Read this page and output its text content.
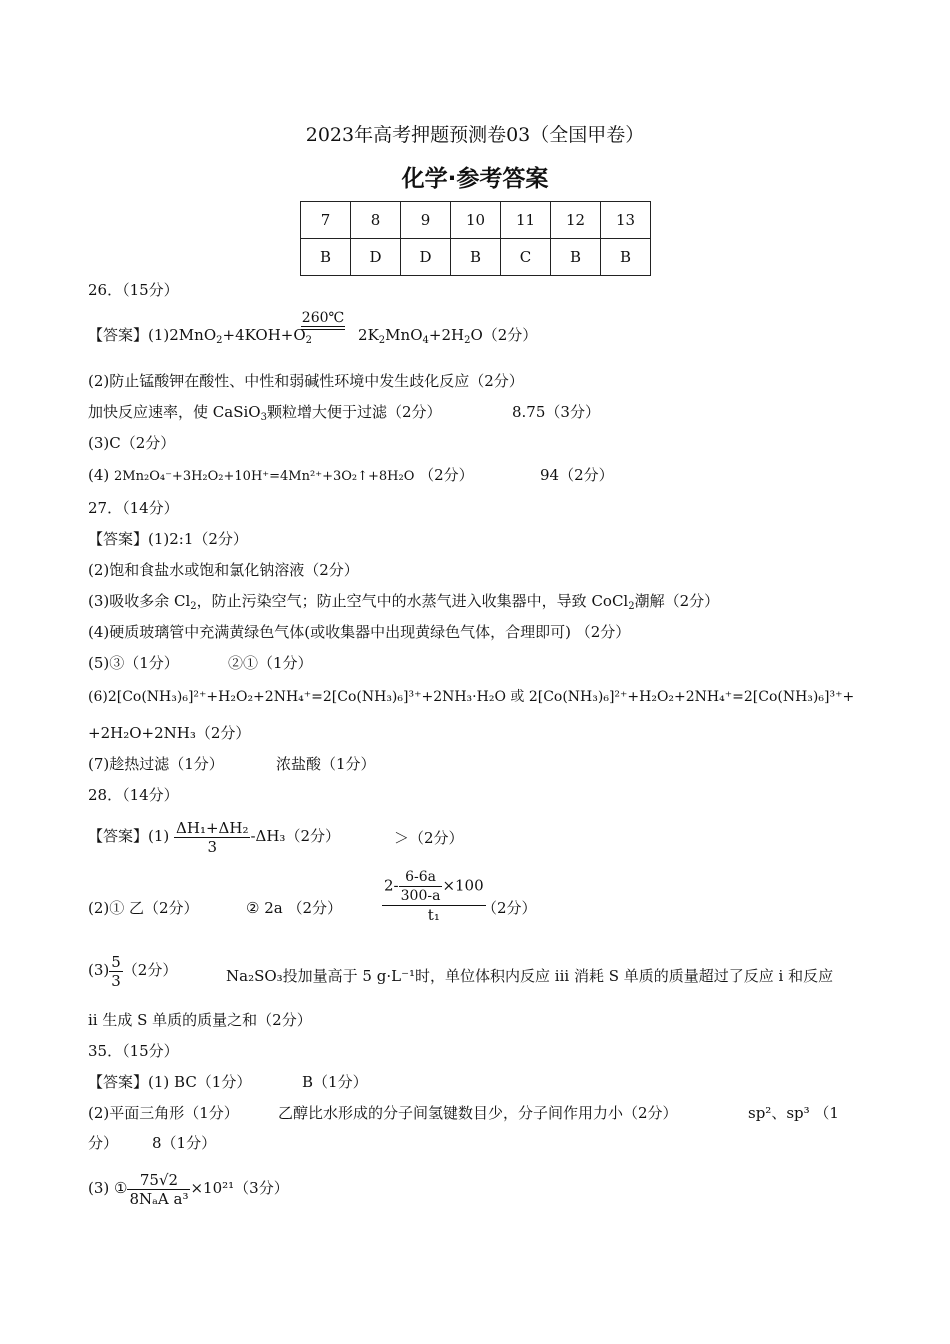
2023年高考押题预测卷03（全国甲卷）
化学·参考答案
7	8	9	10	11	12	13
B	D	D	B	C	B	B
26．（15分）
【答案】$(1)2MnO_2+4KOH+O_2$	$2K_2MnO_4+2H_2O(2$分）
260℃
(2)防止锰酸钾在酸性、中性和弱碱性环境中发生歧化反应（2分）
加快反应速率，使 CaSiO$_3$颗粒增大便于过滤（2分）	8.75（3分）
(3)C（2分）
(4) 2Mn₂O₄⁻+3H₂O₂+10H⁺=4Mn²⁺+3O₂↑+8H₂O （2分）	94（2分）
27．（14分）
【答案】(1)2:1（2分）
(2)饱和食盐水或饱和氯化钠溶液（2分）
(3)吸收多余 $Cl_2$，防止污染空气；防止空气中的水蒸气进入收集器中，导致 CoCl$_2$潮解（2分）
(4)硬质玻璃管中充满黄绿色气体(或收集器中出现黄绿色气体，合理即可) （2分）
(5)③（1分）	②①（1分）
(6)2[Co(NH₃)₆]²⁺+H₂O₂+2NH₄⁺=2[Co(NH₃)₆]³⁺+2NH₃·H₂O 或 2[Co(NH₃)₆]²⁺+H₂O₂+2NH₄⁺=2[Co(NH₃)₆]³⁺+
+2H₂O+2NH₃（2分）
(7)趁热过滤（1分）	浓盐酸（1分）
28．（14分）
【答案】$(1) \frac{\text{ΔH₁+ΔH₂}}{3} -\Delta H_3(2$分）	＞（2分）
(2)① 乙（2分）	② 2a （2分）	$\frac{2- \frac{6-6a}{300-a} \times 100}{\text{t₁}}$
（2分）
$(3) \frac{5}{3} (2$分）	Na₂SO₃投加量高于 5 g·L⁻¹时，单位体积内反应 iii 消耗 S 单质的质量超过了反应 i 和反应
ii 生成 S 单质的质量之和（2分）
35．（15分）
【答案】(1) BC（1分）	B（1分）
(2)平面三角形（1分）	乙醇比水形成的分子间氢键数目少，分子间作用力小（2分）	sp²、sp³ （1
分） 8（1分）
(3) ① $\frac{75√2}{\text{8NₐA a³}} \times 10^{21}(3$分）
